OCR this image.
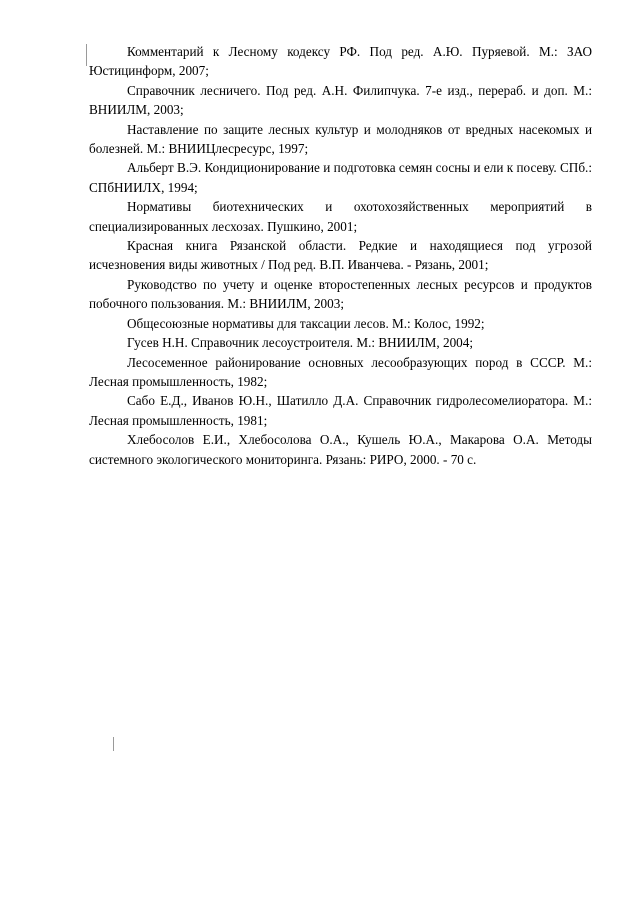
Комментарий к Лесному кодексу РФ. Под ред. А.Ю. Пуряевой. М.: ЗАО Юстицинформ, 2007;
Справочник лесничего. Под ред. А.Н. Филипчука. 7-е изд., перераб. и доп. М.: ВНИИЛМ, 2003;
Наставление по защите лесных культур и молодняков от вредных насекомых и болезней. М.: ВНИИЦлесресурс, 1997;
Альберт В.Э. Кондиционирование и подготовка семян сосны и ели к посеву. СПб.: СПбНИИЛХ, 1994;
Нормативы биотехнических и охотохозяйственных мероприятий в специализированных лесхозах. Пушкино, 2001;
Красная книга Рязанской области. Редкие и находящиеся под угрозой исчезновения виды животных / Под ред. В.П. Иванчева. - Рязань, 2001;
Руководство по учету и оценке второстепенных лесных ресурсов и продуктов побочного пользования. М.: ВНИИЛМ, 2003;
Общесоюзные нормативы для таксации лесов. М.: Колос, 1992;
Гусев Н.Н. Справочник лесоустроителя. М.: ВНИИЛМ, 2004;
Лесосеменное районирование основных лесообразующих пород в СССР. М.: Лесная промышленность, 1982;
Сабо Е.Д., Иванов Ю.Н., Шатилло Д.А. Справочник гидролесомелиоратора. М.: Лесная промышленность, 1981;
Хлебосолов Е.И., Хлебосолова О.А., Кушель Ю.А., Макарова О.А. Методы системного экологического мониторинга. Рязань: РИРО, 2000. - 70 с.
